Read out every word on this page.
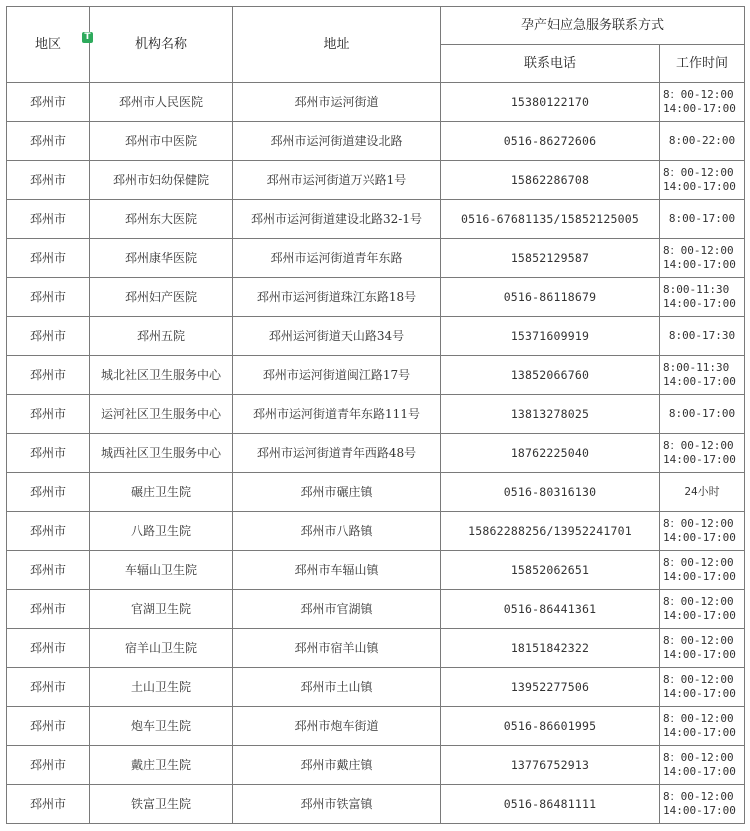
T
地区	机构名称	地址	孕产妇应急服务联系方式	
			联系电话	工作时间
邳州市	邳州市人民医院	邳州市运河街道	15380122170	8：00-12:00
14:00-17:00
邳州市	邳州市中医院	邳州市运河街道建设北路	0516-86272606	8:00-22:00
邳州市	邳州市妇幼保健院	邳州市运河街道万兴路1号	15862286708	8：00-12:00
14:00-17:00
邳州市	邳州东大医院	邳州市运河街道建设北路32-1号	0516-67681135/15852125005	8:00-17:00
邳州市	邳州康华医院	邳州市运河街道青年东路	15852129587	8：00-12:00
14:00-17:00
邳州市	邳州妇产医院	邳州市运河街道珠江东路18号	0516-86118679	8:00-11:30
14:00-17:00
邳州市	邳州五院	邳州运河街道天山路34号	15371609919	8:00-17:30
邳州市	城北社区卫生服务中心	邳州市运河街道闽江路17号	13852066760	8:00-11:30
14:00-17:00
邳州市	运河社区卫生服务中心	邳州市运河街道青年东路111号	13813278025	8:00-17:00
邳州市	城西社区卫生服务中心	邳州市运河街道青年西路48号	18762225040	8：00-12:00
14:00-17:00
邳州市	碾庄卫生院	邳州市碾庄镇	0516-80316130	24小时
邳州市	八路卫生院	邳州市八路镇	15862288256/13952241701	8：00-12:00
14:00-17:00
邳州市	车辐山卫生院	邳州市车辐山镇	15852062651	8：00-12:00
14:00-17:00
邳州市	官湖卫生院	邳州市官湖镇	0516-86441361	8：00-12:00
14:00-17:00
邳州市	宿羊山卫生院	邳州市宿羊山镇	18151842322	8：00-12:00
14:00-17:00
邳州市	土山卫生院	邳州市土山镇	13952277506	8：00-12:00
14:00-17:00
邳州市	炮车卫生院	邳州市炮车街道	0516-86601995	8：00-12:00
14:00-17:00
邳州市	戴庄卫生院	邳州市戴庄镇	13776752913	8：00-12:00
14:00-17:00
邳州市	铁富卫生院	邳州市铁富镇	0516-86481111	8：00-12:00
14:00-17:00
